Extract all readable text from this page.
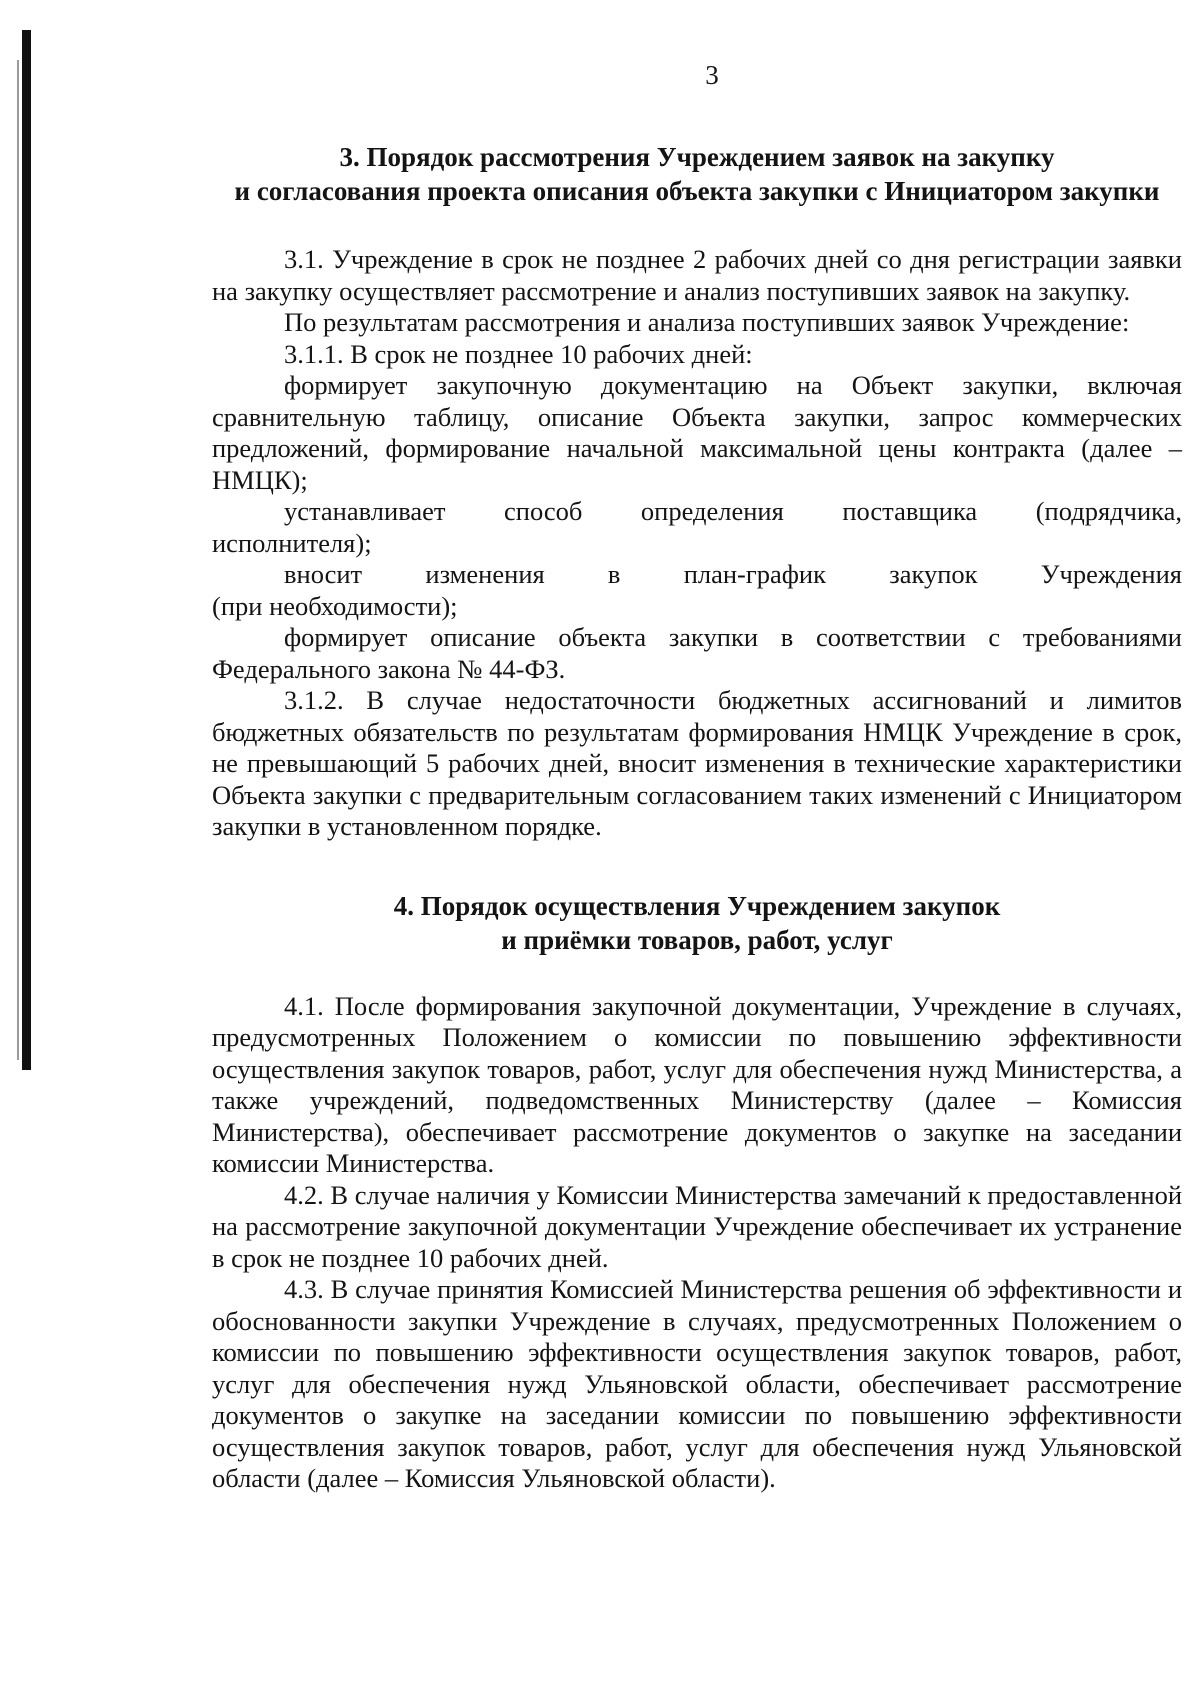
3
3. Порядок рассмотрения Учреждением заявок на закупку
и согласования проекта описания объекта закупки с Инициатором закупки

3.1. Учреждение в срок не позднее 2 рабочих дней со дня регистрации заявки на закупку осуществляет рассмотрение и анализ поступивших заявок на закупку.

По результатам рассмотрения и анализа поступивших заявок Учреждение:

3.1.1. В срок не позднее 10 рабочих дней:

формирует закупочную документацию на Объект закупки, включая сравнительную таблицу, описание Объекта закупки, запрос коммерческих предложений, формирование начальной максимальной цены контракта (далее – НМЦК);

устанавливает способ определения поставщика (подрядчика,

исполнителя);

вносит изменения в план-график закупок Учреждения

(при необходимости);

формирует описание объекта закупки в соответствии с требованиями Федерального закона № 44-ФЗ.

3.1.2. В случае недостаточности бюджетных ассигнований и лимитов бюджетных обязательств по результатам формирования НМЦК Учреждение в срок, не превышающий 5 рабочих дней, вносит изменения в технические характеристики Объекта закупки с предварительным согласованием таких изменений с Инициатором закупки в установленном порядке.

4. Порядок осуществления Учреждением закупок
и приёмки товаров, работ, услуг

4.1. После формирования закупочной документации, Учреждение в случаях, предусмотренных Положением о комиссии по повышению эффективности осуществления закупок товаров, работ, услуг для обеспечения нужд Министерства, а также учреждений, подведомственных Министерству (далее – Комиссия Министерства), обеспечивает рассмотрение документов о закупке на заседании комиссии Министерства.

4.2. В случае наличия у Комиссии Министерства замечаний к предоставленной на рассмотрение закупочной документации Учреждение обеспечивает их устранение в срок не позднее 10 рабочих дней.

4.3. В случае принятия Комиссией Министерства решения об эффективности и обоснованности закупки Учреждение в случаях, предусмотренных Положением о комиссии по повышению эффективности осуществления закупок товаров, работ, услуг для обеспечения нужд Ульяновской области, обеспечивает рассмотрение документов о закупке на заседании комиссии по повышению эффективности осуществления закупок товаров, работ, услуг для обеспечения нужд Ульяновской области (далее – Комиссия Ульяновской области).
